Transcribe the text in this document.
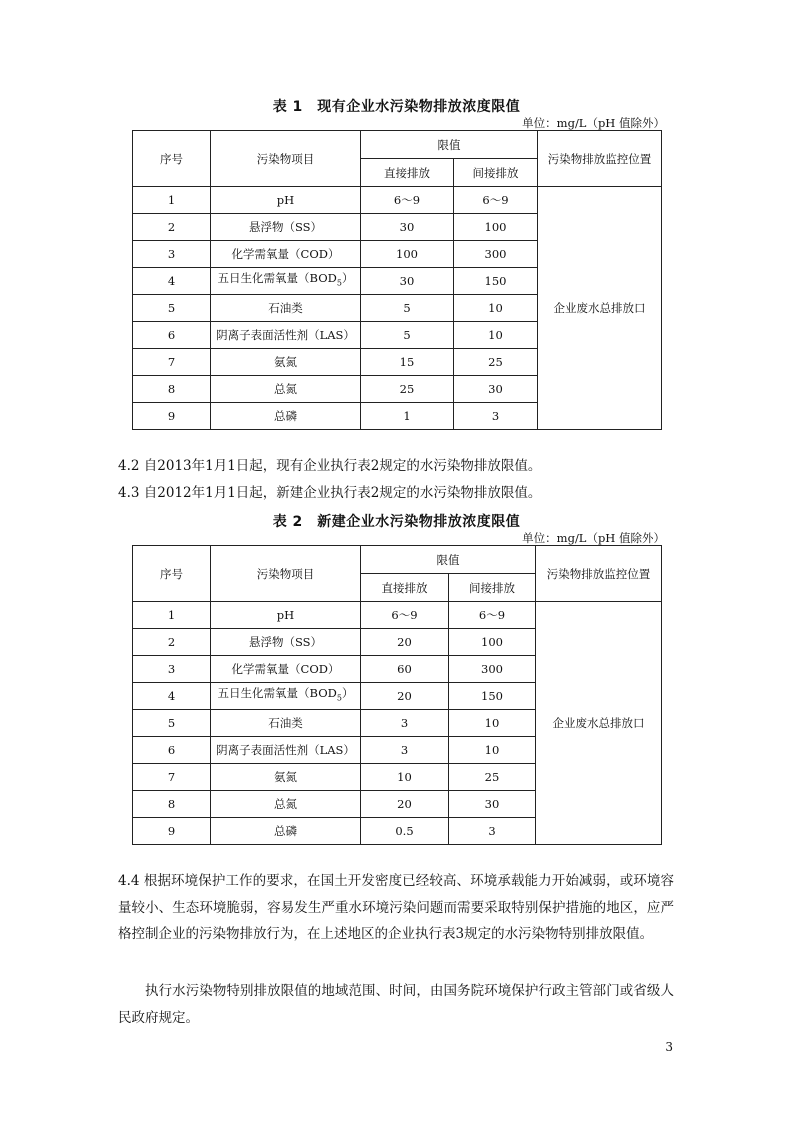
表 1　现有企业水污染物排放浓度限值
单位：mg/L（pH 值除外）
序号	污染物项目	限值		污染物排放监控位置
		直接排放	间接排放	
1	pH	6～9	6～9	企业废水总排放口
2	悬浮物（SS）	30	100	
3	化学需氧量（COD）	100	300	
4	五日生化需氧量$(BOD_5)$	30	150	
5	石油类	5	10	
6	阴离子表面活性剂（LAS）	5	10	
7	氨氮	15	25	
8	总氮	25	30	
9	总磷	1	3	
4.2 自2013年1月1日起，现有企业执行表2规定的水污染物排放限值。
4.3 自2012年1月1日起，新建企业执行表2规定的水污染物排放限值。
表 2　新建企业水污染物排放浓度限值
单位：mg/L（pH 值除外）
序号	污染物项目	限值		污染物排放监控位置
		直接排放	间接排放	
1	pH	6～9	6～9	企业废水总排放口
2	悬浮物（SS）	20	100	
3	化学需氧量（COD）	60	300	
4	五日生化需氧量$(BOD_5)$	20	150	
5	石油类	3	10	
6	阴离子表面活性剂（LAS）	3	10	
7	氨氮	10	25	
8	总氮	20	30	
9	总磷	0.5	3	
4.4 根据环境保护工作的要求，在国土开发密度已经较高、环境承载能力开始减弱，或环境容量较小、生态环境脆弱，容易发生严重水环境污染问题而需要采取特别保护措施的地区，应严格控制企业的污染物排放行为，在上述地区的企业执行表3规定的水污染物特别排放限值。
执行水污染物特别排放限值的地域范围、时间，由国务院环境保护行政主管部门或省级人民政府规定。
3
